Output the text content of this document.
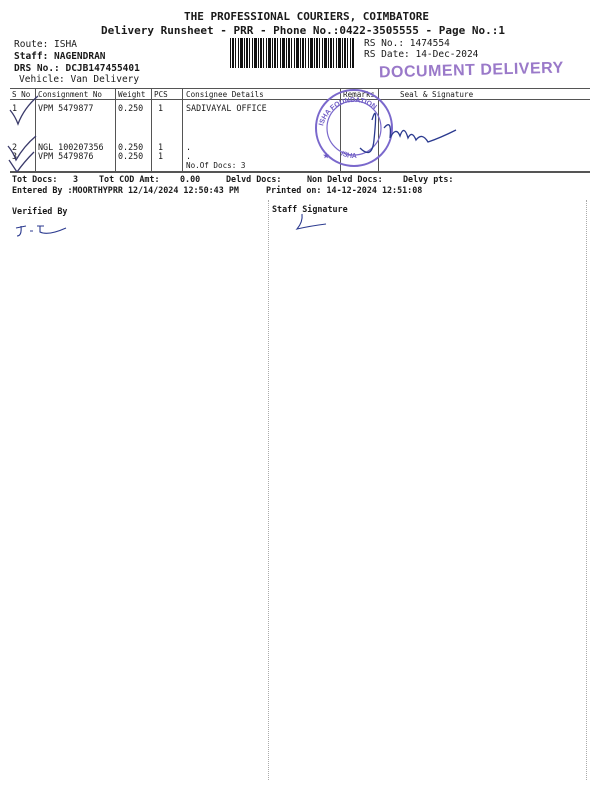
THE PROFESSIONAL COURIERS, COIMBATORE
Delivery Runsheet - PRR - Phone No.:0422-3505555 - Page No.:1
Route: ISHA
Staff: NAGENDRAN
DRS No.: DCJB147455401
Vehicle: Van Delivery
RS No.: 1474554
RS Date: 14-Dec-2024
DOCUMENT DELIVERY
S No Consignment No Weight PCS Consignee Details	Remarks	Seal & Signature
1 VPM 5479877	0.250 1	SADIVAYAL OFFICE
2 NGL 100207356 0.250 1	.
3 VPM 5479876	0.250 1	.
No.Of Docs: 3
ISHA FOUNDATION
ISHA
★
Tot Docs: 3 Tot COD Amt: 0.00	Delvd Docs:	Non Delvd Docs: Delvy pts:
Entered By :MOORTHYPRR 12/14/2024 12:50:43 PM	Printed on: 14-12-2024 12:51:08
Verified By	Staff Signature
